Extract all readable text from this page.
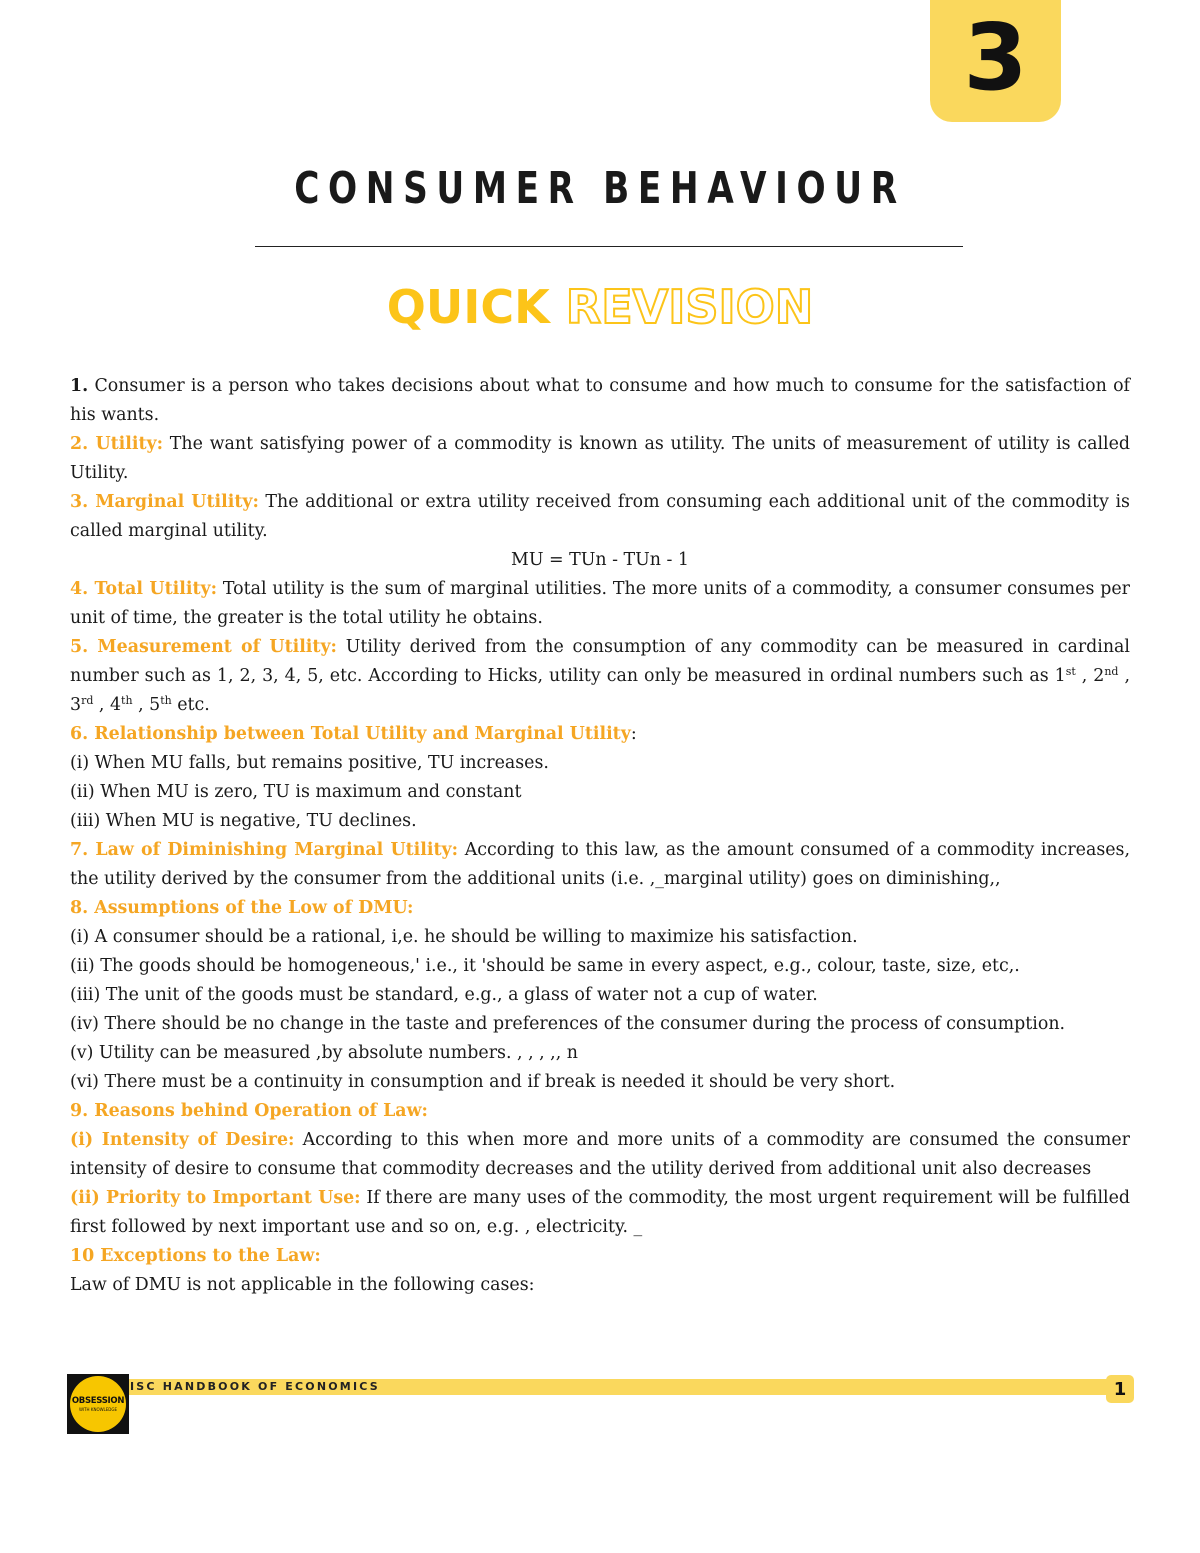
3
CONSUMER BEHAVIOUR
QUICK REVISION

1. Consumer is a person who takes decisions about what to consume and how much to consume for the satisfaction of his wants.

2. Utility: The want satisfying power of a commodity is known as utility. The units of measurement of utility is called Utility.

3. Marginal Utility: The additional or extra utility received from consuming each additional unit of the commodity is called marginal utility.

MU = TUn - TUn - 1

4. Total Utility: Total utility is the sum of marginal utilities. The more units of a commodity, a consumer consumes per unit of time, the greater is the total utility he obtains.

5. Measurement of Utility: Utility derived from the consumption of any commodity can be measured in cardinal number such as 1, 2, 3, 4, 5, etc. According to Hicks, utility can only be measured in ordinal numbers such as 1st , 2nd , 3rd , 4th , 5th etc.

6. Relationship between Total Utility and Marginal Utility:

(i) When MU falls, but remains positive, TU increases.

(ii) When MU is zero, TU is maximum and constant

(iii) When MU is negative, TU declines.

7. Law of Diminishing Marginal Utility: According to this law, as the amount consumed of a commodity increases, the utility derived by the consumer from the additional units (i.e. ,_marginal utility) goes on diminishing,,

8. Assumptions of the Low of DMU:

(i) A consumer should be a rational, i,e. he should be willing to maximize his satisfaction.

(ii) The goods should be homogeneous,' i.e., it 'should be same in every aspect, e.g., colour, taste, size, etc,.

(iii) The unit of the goods must be standard, e.g., a glass of water not a cup of water.

(iv) There should be no change in the taste and preferences of the consumer during the process of consumption.

(v) Utility can be measured ,by absolute numbers. , , , ,, n

(vi) There must be a continuity in consumption and if break is needed it should be very short.

9. Reasons behind Operation of Law:

(i) Intensity of Desire: According to this when more and more units of a commodity are consumed the consumer intensity of desire to consume that commodity decreases and the utility derived from additional unit also decreases

(ii) Priority to Important Use: If there are many uses of the commodity, the most urgent requirement will be fulfilled first followed by next important use and so on, e.g. , electricity. _

10 Exceptions to the Law:

Law of DMU is not applicable in the following cases:

ISC HANDBOOK OF ECONOMICS
OBSESSION
WITH KNOWLEDGE
1
